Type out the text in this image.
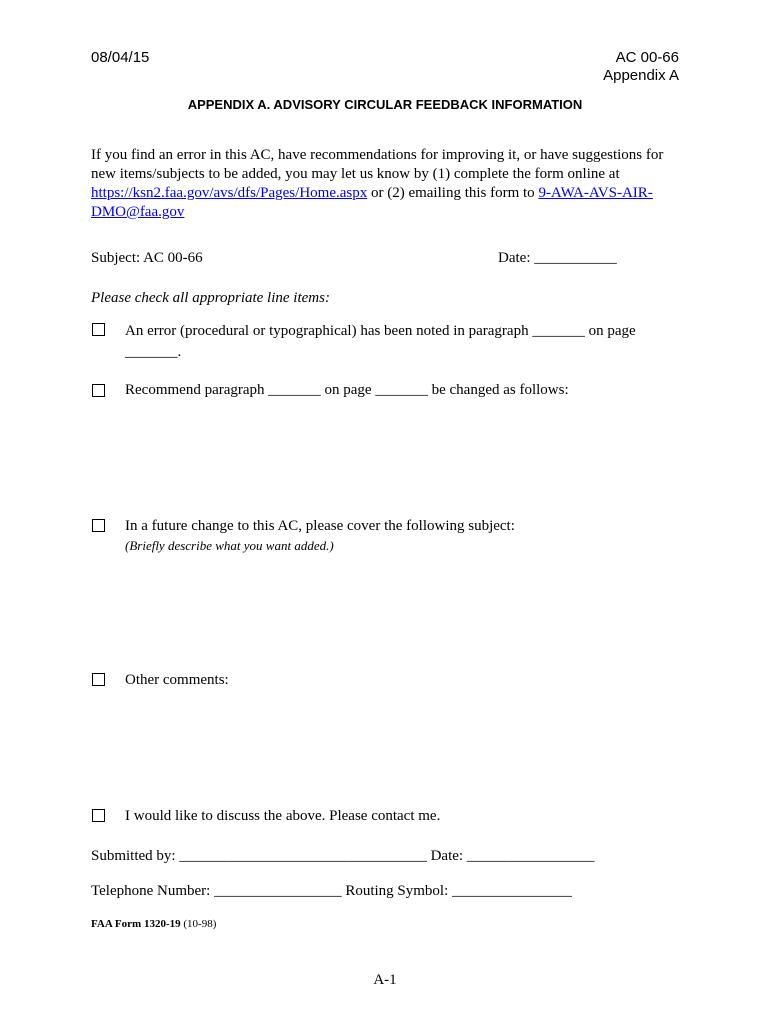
08/04/15	AC 00-66
Appendix A
APPENDIX A. ADVISORY CIRCULAR FEEDBACK INFORMATION
If you find an error in this AC, have recommendations for improving it, or have suggestions for new items/subjects to be added, you may let us know by (1) complete the form online at https://ksn2.faa.gov/avs/dfs/Pages/Home.aspx or (2) emailing this form to 9-AWA-AVS-AIR-DMO@faa.gov
Subject: AC 00-66	Date: ___________
Please check all appropriate line items:
An error (procedural or typographical) has been noted in paragraph _______ on page _______.
Recommend paragraph _______ on page _______ be changed as follows:
In a future change to this AC, please cover the following subject:
(Briefly describe what you want added.)
Other comments:
I would like to discuss the above. Please contact me.
Submitted by: _________________________________ Date: _________________
Telephone Number: _________________ Routing Symbol: ________________
FAA Form 1320-19 (10-98)
A-1
